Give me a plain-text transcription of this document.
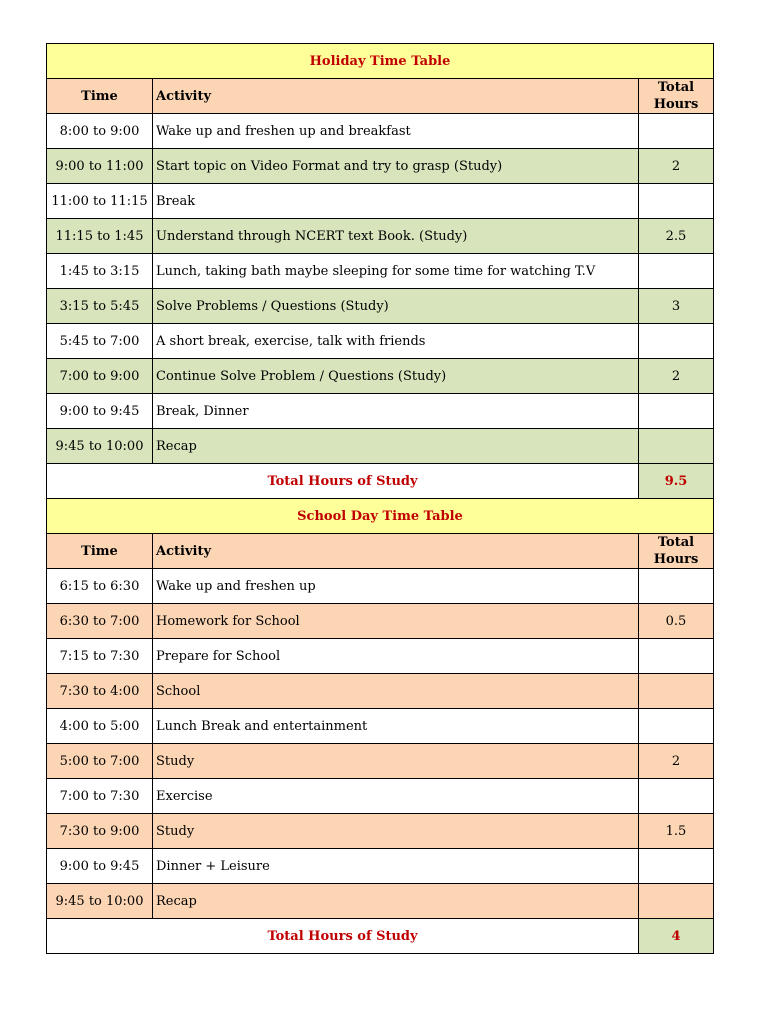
Holiday Time Table		
Time	Activity	Total Hours
8:00 to 9:00	Wake up and freshen up and breakfast	
9:00 to 11:00	Start topic on Video Format and try to grasp (Study)	2
11:00 to 11:15	Break	
11:15 to 1:45	Understand through NCERT text Book. (Study)	2.5
1:45 to 3:15	Lunch, taking bath maybe sleeping for some time for watching T.V	
3:15 to 5:45	Solve Problems / Questions (Study)	3
5:45 to 7:00	A short break, exercise, talk with friends	
7:00 to 9:00	Continue Solve Problem / Questions (Study)	2
9:00 to 9:45	Break, Dinner	
9:45 to 10:00	Recap	
Total Hours of Study		9.5
School Day Time Table		
Time	Activity	Total Hours
6:15 to 6:30	Wake up and freshen up	
6:30 to 7:00	Homework for School	0.5
7:15 to 7:30	Prepare for School	
7:30 to 4:00	School	
4:00 to 5:00	Lunch Break and entertainment	
5:00 to 7:00	Study	2
7:00 to 7:30	Exercise	
7:30 to 9:00	Study	1.5
9:00 to 9:45	Dinner + Leisure	
9:45 to 10:00	Recap	
Total Hours of Study		4
